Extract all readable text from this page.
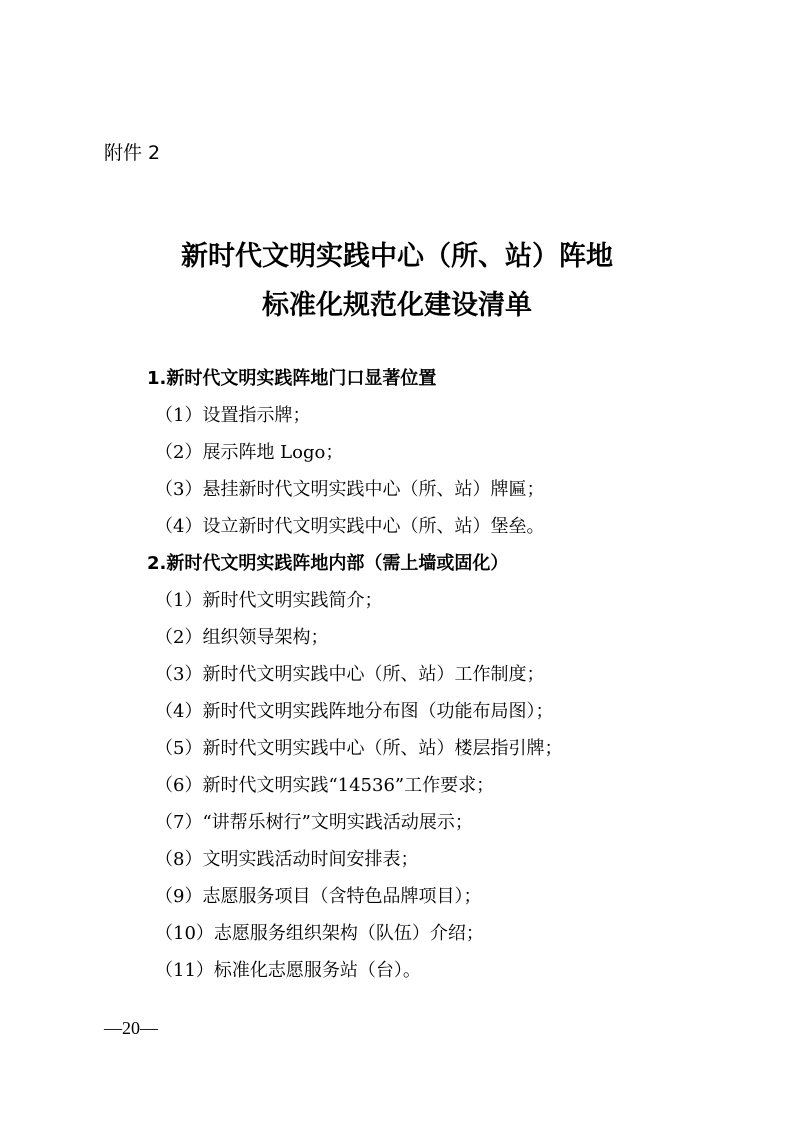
附件 2

新时代文明实践中心（所、站）阵地
标准化规范化建设清单

1.新时代文明实践阵地门口显著位置

（1）设置指示牌；

（2）展示阵地 Logo；

（3）悬挂新时代文明实践中心（所、站）牌匾；

（4）设立新时代文明实践中心（所、站）堡垒。

2.新时代文明实践阵地内部（需上墙或固化）

（1）新时代文明实践简介；

（2）组织领导架构；

（3）新时代文明实践中心（所、站）工作制度；

（4）新时代文明实践阵地分布图（功能布局图）；

（5）新时代文明实践中心（所、站）楼层指引牌；

（6）新时代文明实践“14536”工作要求；

（7）“讲帮乐树行”文明实践活动展示；

（8）文明实践活动时间安排表；

（9）志愿服务项目（含特色品牌项目）；

（10）志愿服务组织架构（队伍）介绍；

（11）标准化志愿服务站（台）。

—20—
